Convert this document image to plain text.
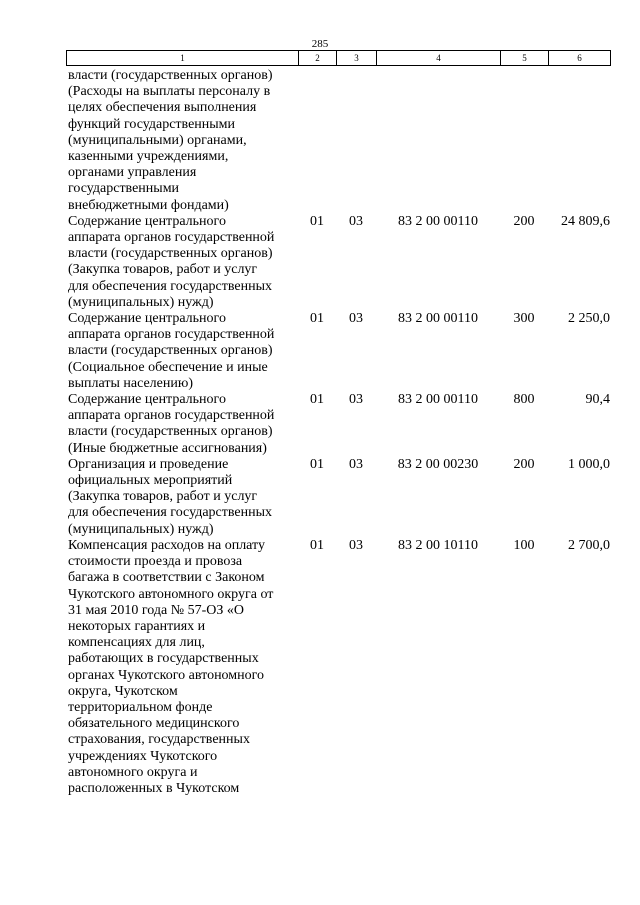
285
1	2	3	4	5	6
власти (государственных органов)
(Расходы на выплаты персоналу в
целях обеспечения выполнения
функций государственными
(муниципальными) органами,
казенными учреждениями,
органами управления
государственными
внебюджетными фондами)
Содержание центрального
аппарата органов государственной
власти (государственных органов)
(Закупка товаров, работ и услуг
для обеспечения государственных
(муниципальных) нужд)
01	03	83 2 00 00110	200	24 809,6
Содержание центрального
аппарата органов государственной
власти (государственных органов)
(Социальное обеспечение и иные
выплаты населению)
01	03	83 2 00 00110	300	2 250,0
Содержание центрального
аппарата органов государственной
власти (государственных органов)
(Иные бюджетные ассигнования)
01	03	83 2 00 00110	800	90,4
Организация и проведение
официальных мероприятий
(Закупка товаров, работ и услуг
для обеспечения государственных
(муниципальных) нужд)
01	03	83 2 00 00230	200	1 000,0
Компенсация расходов на оплату
стоимости проезда и провоза
багажа в соответствии с Законом
Чукотского автономного округа от
31 мая 2010 года № 57-ОЗ «О
некоторых гарантиях и
компенсациях для лиц,
работающих в государственных
органах Чукотского автономного
округа, Чукотском
территориальном фонде
обязательного медицинского
страхования, государственных
учреждениях Чукотского
автономного округа и
расположенных в Чукотском
01	03	83 2 00 10110	100	2 700,0
